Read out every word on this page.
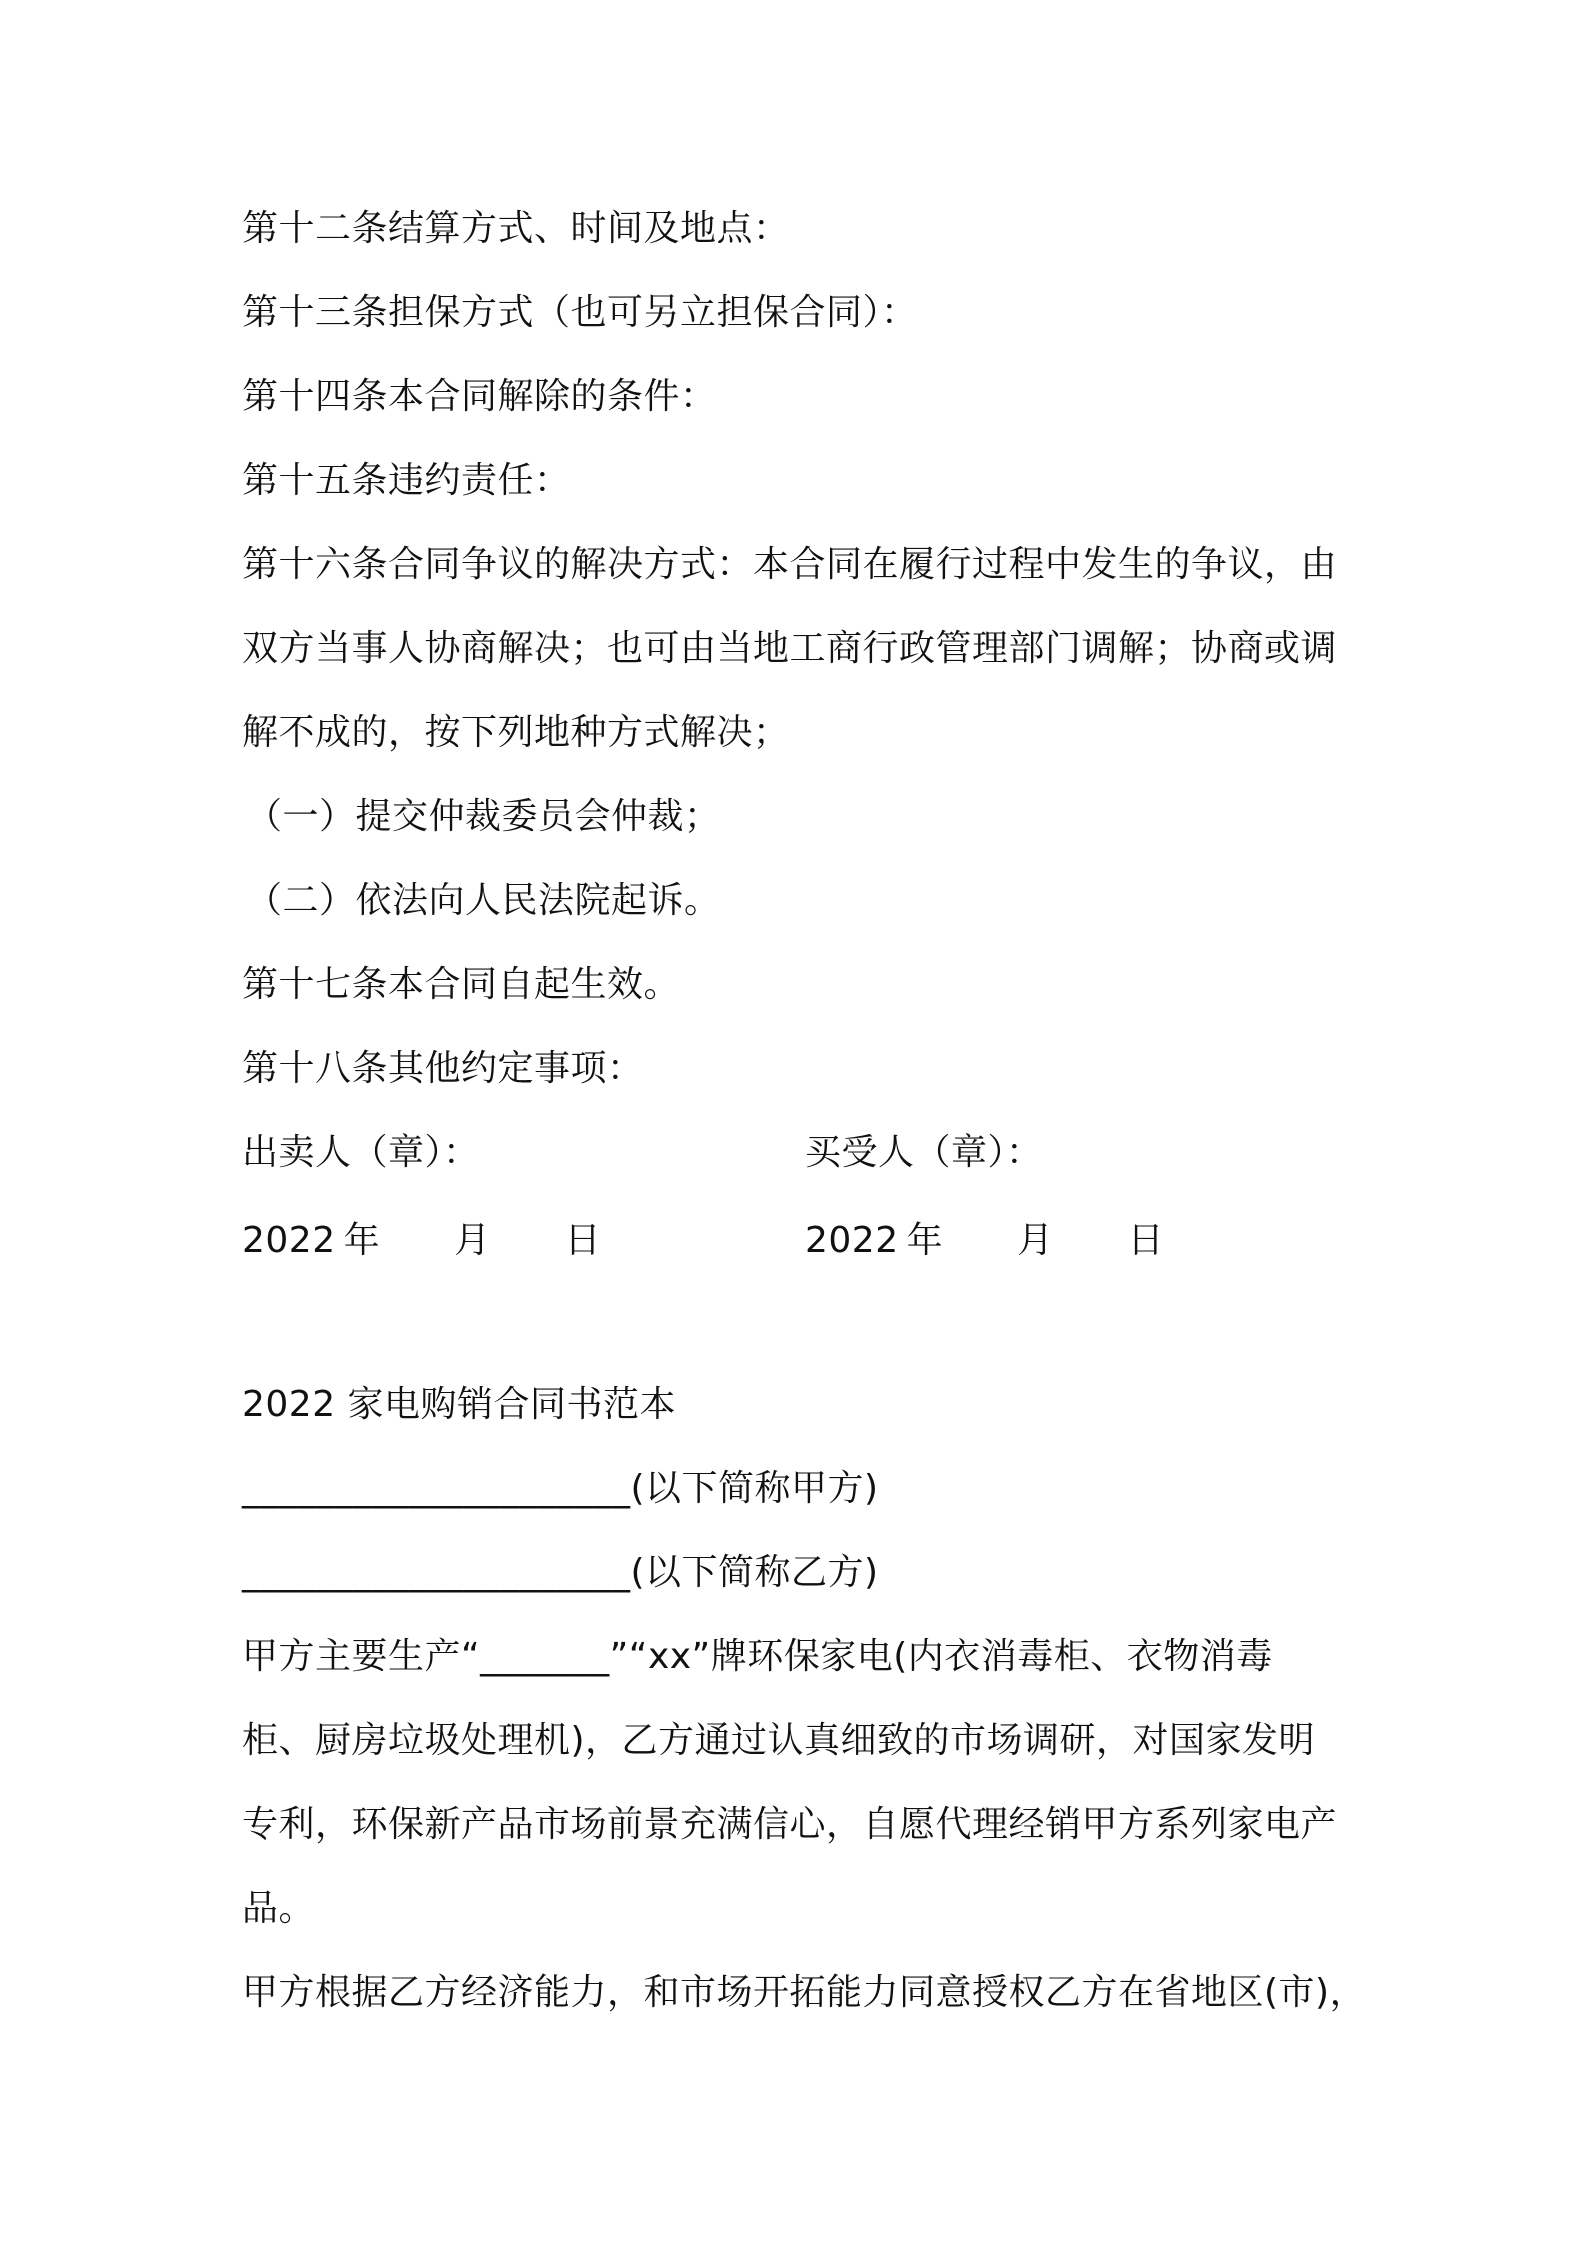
第十二条结算方式、时间及地点：
第十三条担保方式（也可另立担保合同）：
第十四条本合同解除的条件：
第十五条违约责任：
第十六条合同争议的解决方式：本合同在履行过程中发生的争议，由
双方当事人协商解决；也可由当地工商行政管理部门调解；协商或调
解不成的，按下列地种方式解决；
（一）提交仲裁委员会仲裁；
（二）依法向人民法院起诉。
第十七条本合同自起生效。
第十八条其他约定事项：
出卖人（章）：	买受人（章）：
2022 年 月 日	2022 年 月 日
2022 家电购销合同书范本
_____________________(以下简称甲方)
_____________________(以下简称乙方)
甲方主要生产“_______”“xx”牌环保家电(内衣消毒柜、衣物消毒
柜、厨房垃圾处理机)，乙方通过认真细致的市场调研，对国家发明
专利，环保新产品市场前景充满信心，自愿代理经销甲方系列家电产
品。
甲方根据乙方经济能力，和市场开拓能力同意授权乙方在省地区(市)，
